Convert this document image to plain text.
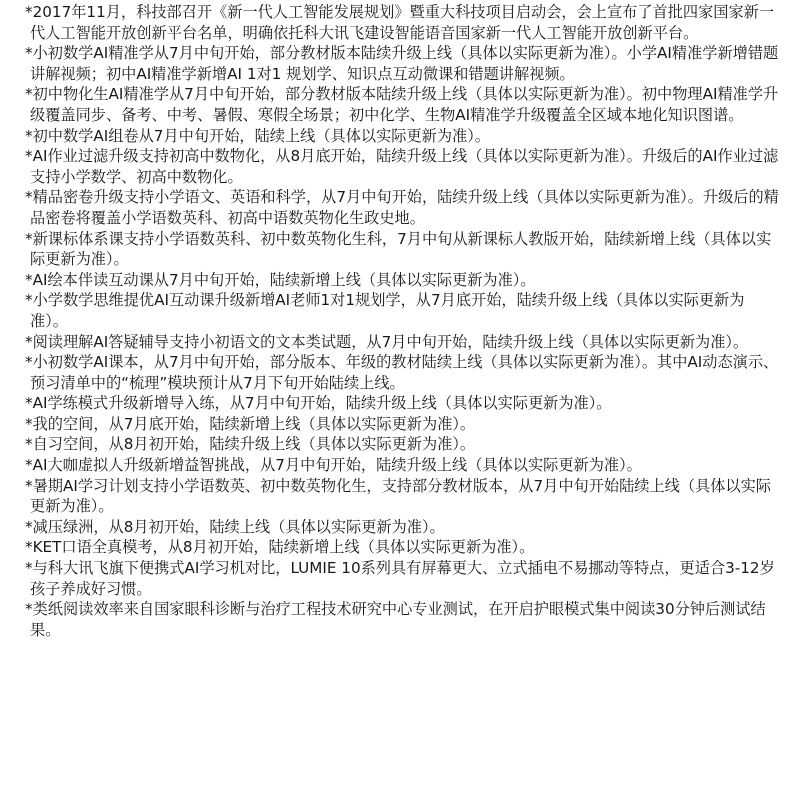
*2017年11月，科技部召开《新一代人工智能发展规划》暨重大科技项目启动会，会上宣布了首批四家国家新一代人工智能开放创新平台名单，明确依托科大讯飞建设智能语音国家新一代人工智能开放创新平台。

*小初数学AI精准学从7月中旬开始，部分教材版本陆续升级上线（具体以实际更新为准）。小学AI精准学新增错题讲解视频；初中AI精准学新增AI 1对1 规划学、知识点互动微课和错题讲解视频。

*初中物化生AI精准学从7月中旬开始，部分教材版本陆续升级上线（具体以实际更新为准）。初中物理AI精准学升级覆盖同步、备考、中考、暑假、寒假全场景；初中化学、生物AI精准学升级覆盖全区域本地化知识图谱。

*初中数学AI组卷从7月中旬开始，陆续上线（具体以实际更新为准）。

*AI作业过滤升级支持初高中数物化，从8月底开始，陆续升级上线（具体以实际更新为准）。升级后的AI作业过滤支持小学数学、初高中数物化。

*精品密卷升级支持小学语文、英语和科学，从7月中旬开始，陆续升级上线（具体以实际更新为准）。升级后的精品密卷将覆盖小学语数英科、初高中语数英物化生政史地。

*新课标体系课支持小学语数英科、初中数英物化生科，7月中旬从新课标人教版开始，陆续新增上线（具体以实际更新为准）。

*AI绘本伴读互动课从7月中旬开始，陆续新增上线（具体以实际更新为准）。

*小学数学思维提优AI互动课升级新增AI老师1对1规划学，从7月底开始，陆续升级上线（具体以实际更新为准）。

*阅读理解AI答疑辅导支持小初语文的文本类试题，从7月中旬开始，陆续升级上线（具体以实际更新为准）。

*小初数学AI课本，从7月中旬开始，部分版本、年级的教材陆续上线（具体以实际更新为准）。其中AI动态演示、预习清单中的“梳理”模块预计从7月下旬开始陆续上线。

*AI学练模式升级新增导入练，从7月中旬开始，陆续升级上线（具体以实际更新为准）。

*我的空间，从7月底开始，陆续新增上线（具体以实际更新为准）。

*自习空间，从8月初开始，陆续升级上线（具体以实际更新为准）。

*AI大咖虚拟人升级新增益智挑战，从7月中旬开始，陆续升级上线（具体以实际更新为准）。

*暑期AI学习计划支持小学语数英、初中数英物化生，支持部分教材版本，从7月中旬开始陆续上线（具体以实际更新为准）。

*减压绿洲，从8月初开始，陆续上线（具体以实际更新为准）。

*KET口语全真模考，从8月初开始，陆续新增上线（具体以实际更新为准）。

*与科大讯飞旗下便携式AI学习机对比，LUMIE 10系列具有屏幕更大、立式插电不易挪动等特点，更适合3-12岁孩子养成好习惯。

*类纸阅读效率来自国家眼科诊断与治疗工程技术研究中心专业测试，在开启护眼模式集中阅读30分钟后测试结果。
